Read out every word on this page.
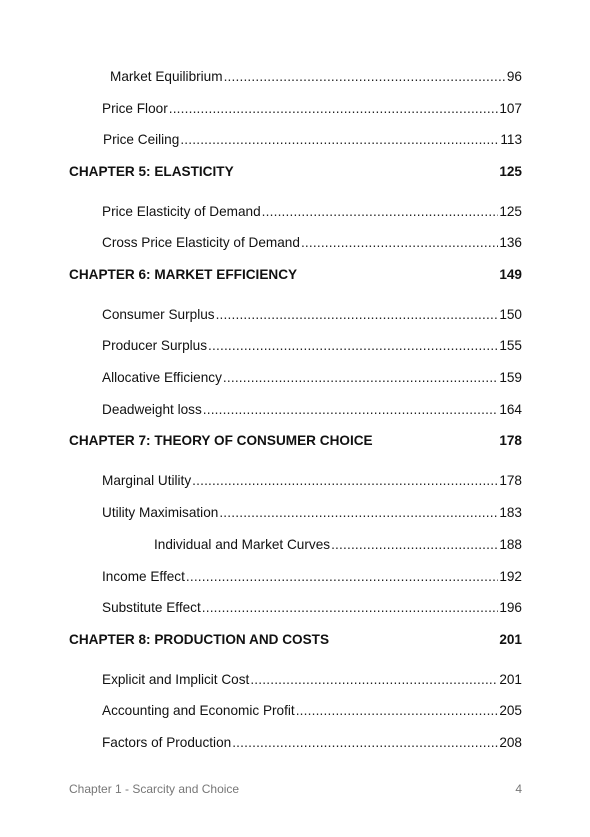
Market Equilibrium .....	96
Price Floor .....	107
Price Ceiling .....	113
CHAPTER 5: ELASTICITY	125
Price Elasticity of Demand .....	125
Cross Price Elasticity of Demand .....	136
CHAPTER 6: MARKET EFFICIENCY	149
Consumer Surplus .....	150
Producer Surplus .....	155
Allocative Efficiency .....	159
Deadweight loss .....	164
CHAPTER 7: THEORY OF CONSUMER CHOICE	178
Marginal Utility .....	178
Utility Maximisation .....	183
Individual and Market Curves .....	188
Income Effect .....	192
Substitute Effect .....	196
CHAPTER 8: PRODUCTION AND COSTS	201
Explicit and Implicit Cost .....	201
Accounting and Economic Profit .....	205
Factors of Production .....	208
Chapter 1 - Scarcity and Choice	4
